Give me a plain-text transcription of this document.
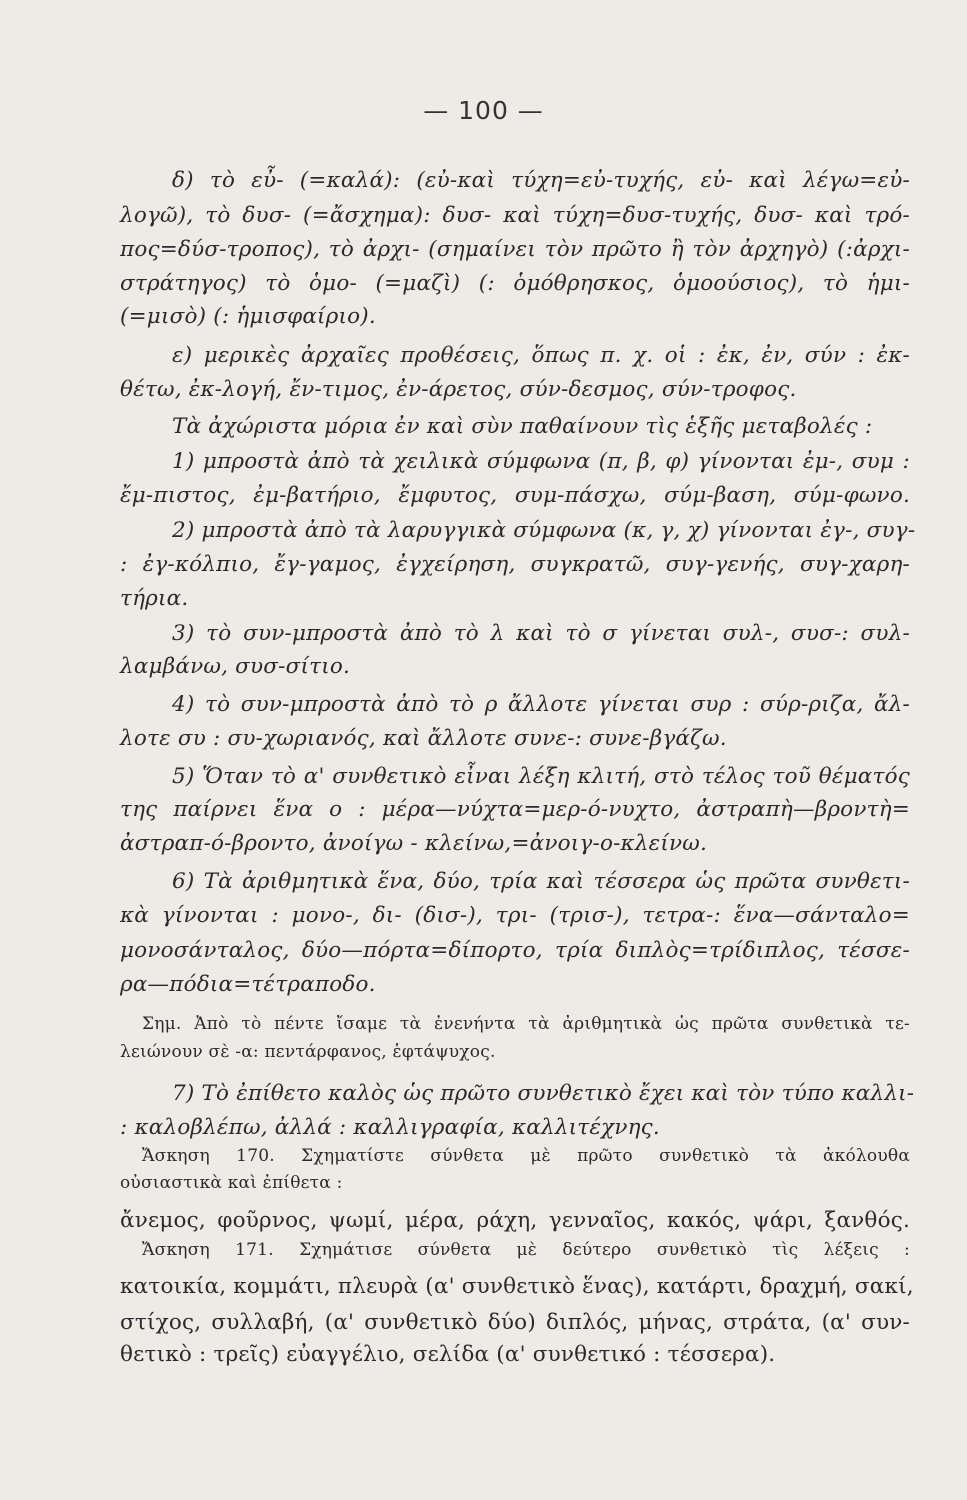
— 100 —
δ) τὸ εὖ- (=καλά): (εὐ-καὶ τύχη=εὐ-τυχής, εὐ- καὶ λέγω=εὐ-
λογῶ), τὸ δυσ- (=ἄσχημα): δυσ- καὶ τύχη=δυσ-τυχής, δυσ- καὶ τρό-
πος=δύσ-τροπος), τὸ ἀρχι- (σημαίνει τὸν πρῶτο ἢ τὸν ἀρχηγὸ) (:ἀρχι-
στράτηγος) τὸ ὁμο- (=μαζὶ) (: ὁμόθρησκος, ὁμοούσιος), τὸ ἡμι-
(=μισὸ) (: ἡμισφαίριο).
ε) μερικὲς ἀρχαῖες προθέσεις, ὅπως π. χ. οἱ : ἐκ, ἐν, σύν : ἐκ-
θέτω, ἐκ-λογή, ἔν-τιμος, ἐν-άρετος, σύν-δεσμος, σύν-τροφος.
Τὰ ἀχώριστα μόρια ἐν καὶ σὺν παθαίνουν τὶς ἑξῆς μεταβολές :
1) μπροστὰ ἀπὸ τὰ χειλικὰ σύμφωνα (π, β, φ) γίνονται ἐμ-, συμ :
ἔμ-πιστος, ἐμ-βατήριο, ἔμφυτος, συμ-πάσχω, σύμ-βαση, σύμ-φωνο.
2) μπροστὰ ἀπὸ τὰ λαρυγγικὰ σύμφωνα (κ, γ, χ) γίνονται ἐγ-, συγ-
: ἐγ-κόλπιο, ἔγ-γαμος, ἐγχείρηση, συγκρατῶ, συγ-γενής, συγ-χαρη-
τήρια.
3) τὸ συν-μπροστὰ ἀπὸ τὸ λ καὶ τὸ σ γίνεται συλ-, συσ-: συλ-
λαμβάνω, συσ-σίτιο.
4) τὸ συν-μπροστὰ ἀπὸ τὸ ρ ἄλλοτε γίνεται συρ : σύρ-ριζα, ἄλ-
λοτε συ : συ-χωριανός, καὶ ἄλλοτε συνε-: συνε-βγάζω.
5) Ὅταν τὸ α' συνθετικὸ εἶναι λέξη κλιτή, στὸ τέλος τοῦ θέματός
της παίρνει ἕνα ο : μέρα—νύχτα=μερ-ό-νυχτο, ἀστραπὴ—βροντὴ=
ἀστραπ-ό-βροντο, ἀνοίγω - κλείνω,=ἀνοιγ-ο-κλείνω.
6) Τὰ ἀριθμητικὰ ἕνα, δύο, τρία καὶ τέσσερα ὡς πρῶτα συνθετι-
κὰ γίνονται : μονο-, δι- (δισ-), τρι- (τρισ-), τετρα-: ἕνα—σάνταλο=
μονοσάνταλος, δύο—πόρτα=δίπορτο, τρία διπλὸς=τρίδιπλος, τέσσε-
ρα—πόδια=τέτραποδο.
Σημ. Ἀπὸ τὸ πέντε ἴσαμε τὰ ἐνενήντα τὰ ἀριθμητικὰ ὡς πρῶτα συνθετικὰ τε-
λειώνουν σὲ -α: πεντάρφανος, ἑφτάψυχος.
7) Τὸ ἐπίθετο καλὸς ὡς πρῶτο συνθετικὸ ἔχει καὶ τὸν τύπο καλλι-
: καλοβλέπω, ἀλλά : καλλιγραφία, καλλιτέχνης.
Ἄσκηση 170. Σχηματίστε σύνθετα μὲ πρῶτο συνθετικὸ τὰ ἀκόλουθα
οὐσιαστικὰ καὶ ἐπίθετα :
ἄνεμος, φοῦρνος, ψωμί, μέρα, ράχη, γενναῖος, κακός, ψάρι, ξανθός.
Ἄσκηση 171. Σχημάτισε σύνθετα μὲ δεύτερο συνθετικὸ τὶς λέξεις :
κατοικία, κομμάτι, πλευρὰ (α' συνθετικὸ ἕνας), κατάρτι, δραχμή, σακί,
στίχος, συλλαβή, (α' συνθετικὸ δύο) διπλός, μήνας, στράτα, (α' συν-
θετικὸ : τρεῖς) εὐαγγέλιο, σελίδα (α' συνθετικό : τέσσερα).
